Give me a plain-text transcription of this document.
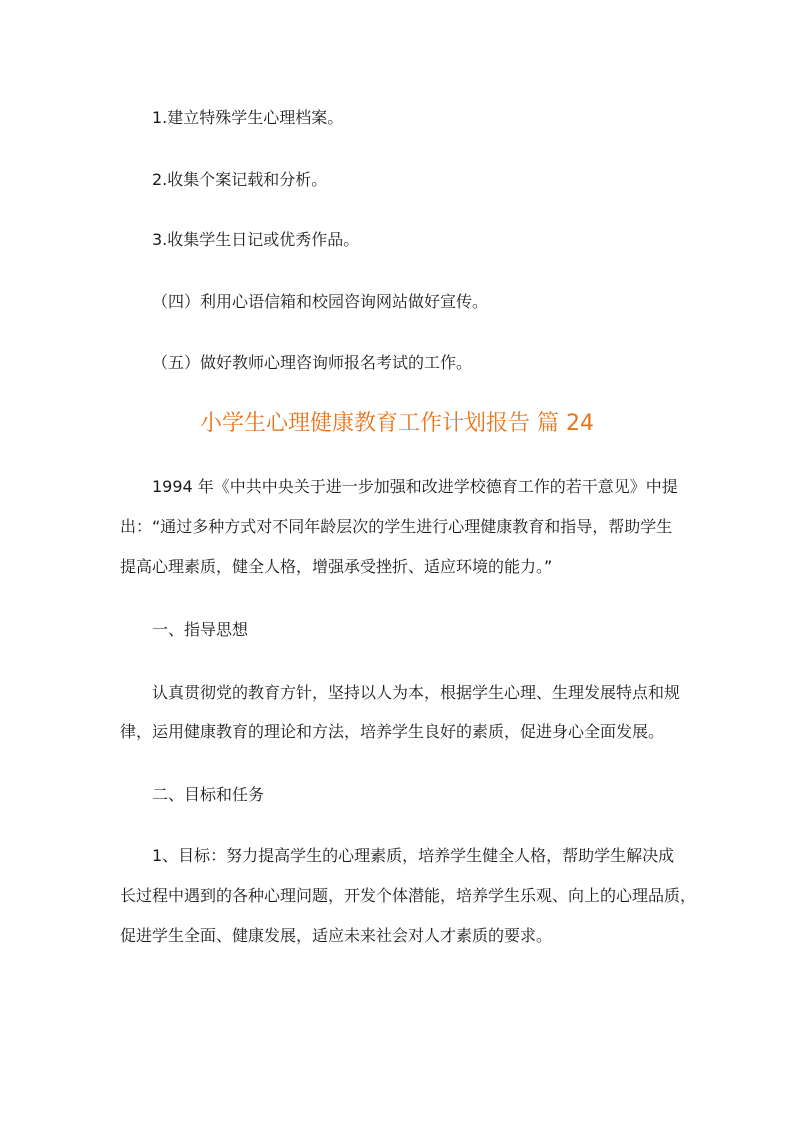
1.建立特殊学生心理档案。
2.收集个案记载和分析。
3.收集学生日记或优秀作品。
（四）利用心语信箱和校园咨询网站做好宣传。
（五）做好教师心理咨询师报名考试的工作。
小学生心理健康教育工作计划报告 篇 24
1994 年《中共中央关于进一步加强和改进学校德育工作的若干意见》中提
出：“通过多种方式对不同年龄层次的学生进行心理健康教育和指导，帮助学生
提高心理素质，健全人格，增强承受挫折、适应环境的能力。”
一、指导思想
认真贯彻党的教育方针，坚持以人为本，根据学生心理、生理发展特点和规
律，运用健康教育的理论和方法，培养学生良好的素质，促进身心全面发展。
二、目标和任务
1、目标：努力提高学生的心理素质，培养学生健全人格，帮助学生解决成
长过程中遇到的各种心理问题，开发个体潜能，培养学生乐观、向上的心理品质，
促进学生全面、健康发展，适应未来社会对人才素质的要求。
